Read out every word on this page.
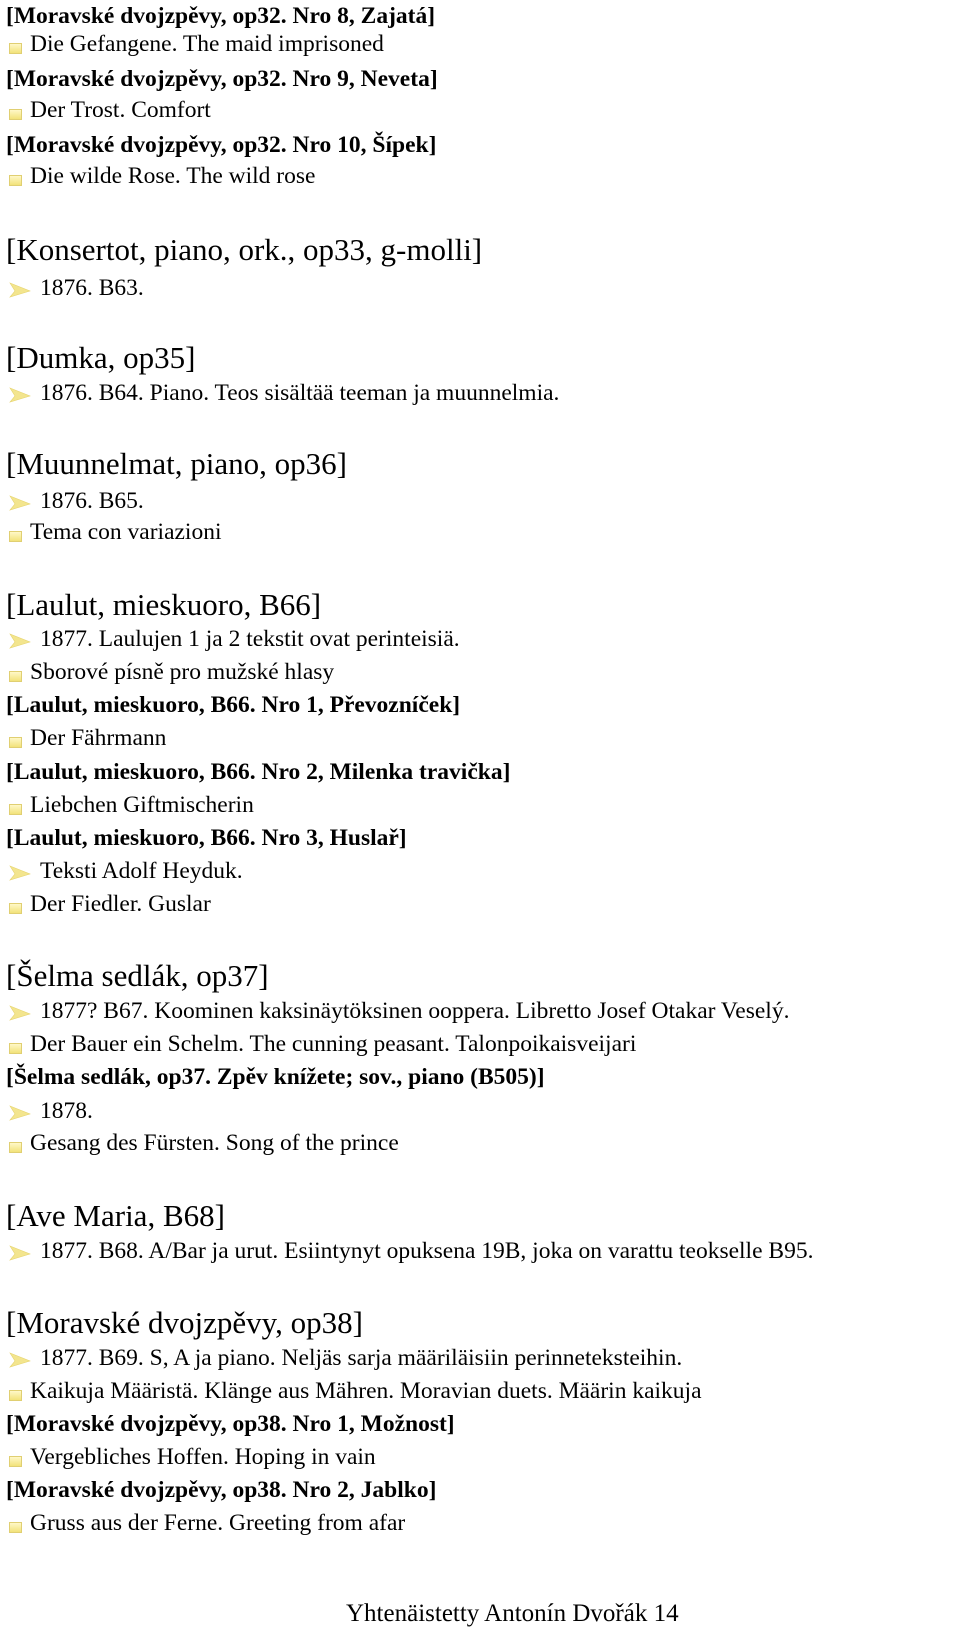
[Moravské dvojzpěvy, op32. Nro 8, Zajatá]
Die Gefangene. The maid imprisoned
[Moravské dvojzpěvy, op32. Nro 9, Neveta]
Der Trost. Comfort
[Moravské dvojzpěvy, op32. Nro 10, Šípek]
Die wilde Rose. The wild rose
[Konsertot, piano, ork., op33, g-molli]
1876. B63.
[Dumka, op35]
1876. B64. Piano. Teos sisältää teeman ja muunnelmia.
[Muunnelmat, piano, op36]
1876. B65.
Tema con variazioni
[Laulut, mieskuoro, B66]
1877. Laulujen 1 ja 2 tekstit ovat perinteisiä.
Sborové písně pro mužské hlasy
[Laulut, mieskuoro, B66. Nro 1, Převozníček]
Der Fährmann
[Laulut, mieskuoro, B66. Nro 2, Milenka travička]
Liebchen Giftmischerin
[Laulut, mieskuoro, B66. Nro 3, Huslař]
Teksti Adolf Heyduk.
Der Fiedler. Guslar
[Šelma sedlák, op37]
1877? B67. Koominen kaksinäytöksinen ooppera. Libretto Josef Otakar Veselý.
Der Bauer ein Schelm. The cunning peasant. Talonpoikaisveijari
[Šelma sedlák, op37. Zpěv knížete; sov., piano (B505)]
1878.
Gesang des Fürsten. Song of the prince
[Ave Maria, B68]
1877. B68. A/Bar ja urut. Esiintynyt opuksena 19B, joka on varattu teokselle B95.
[Moravské dvojzpěvy, op38]
1877. B69. S, A ja piano. Neljäs sarja määriläisiin perinneteksteihin.
Kaikuja Määristä. Klänge aus Mähren. Moravian duets. Määrin kaikuja
[Moravské dvojzpěvy, op38. Nro 1, Možnost]
Vergebliches Hoffen. Hoping in vain
[Moravské dvojzpěvy, op38. Nro 2, Jablko]
Gruss aus der Ferne. Greeting from afar
Yhtenäistetty Antonín Dvořák 14
